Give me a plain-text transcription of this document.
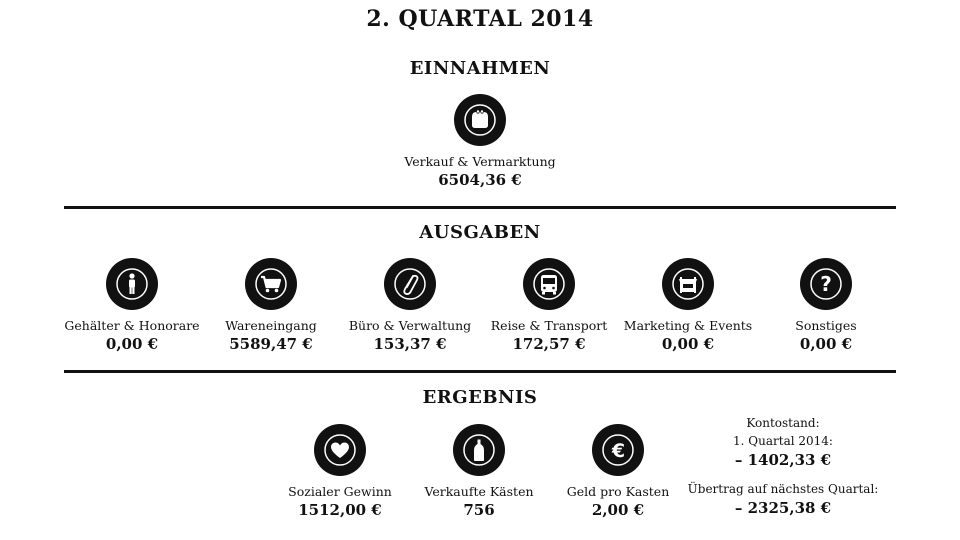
2. QUARTAL 2014
EINNAHMEN
Verkauf & Vermarktung
6504,36 €
AUSGABEN
Gehälter & Honorare
0,00 €
Wareneingang
5589,47 €
Büro & Verwaltung
153,37 €
Reise & Transport
172,57 €
Marketing & Events
0,00 €
?
Sonstiges
0,00 €
ERGEBNIS
Sozialer Gewinn
1512,00 €
Verkaufte Kästen
756
€
Geld pro Kasten
2,00 €
Kontostand:
1. Quartal 2014:
– 1402,33 €
Übertrag auf nächstes Quartal:
– 2325,38 €
